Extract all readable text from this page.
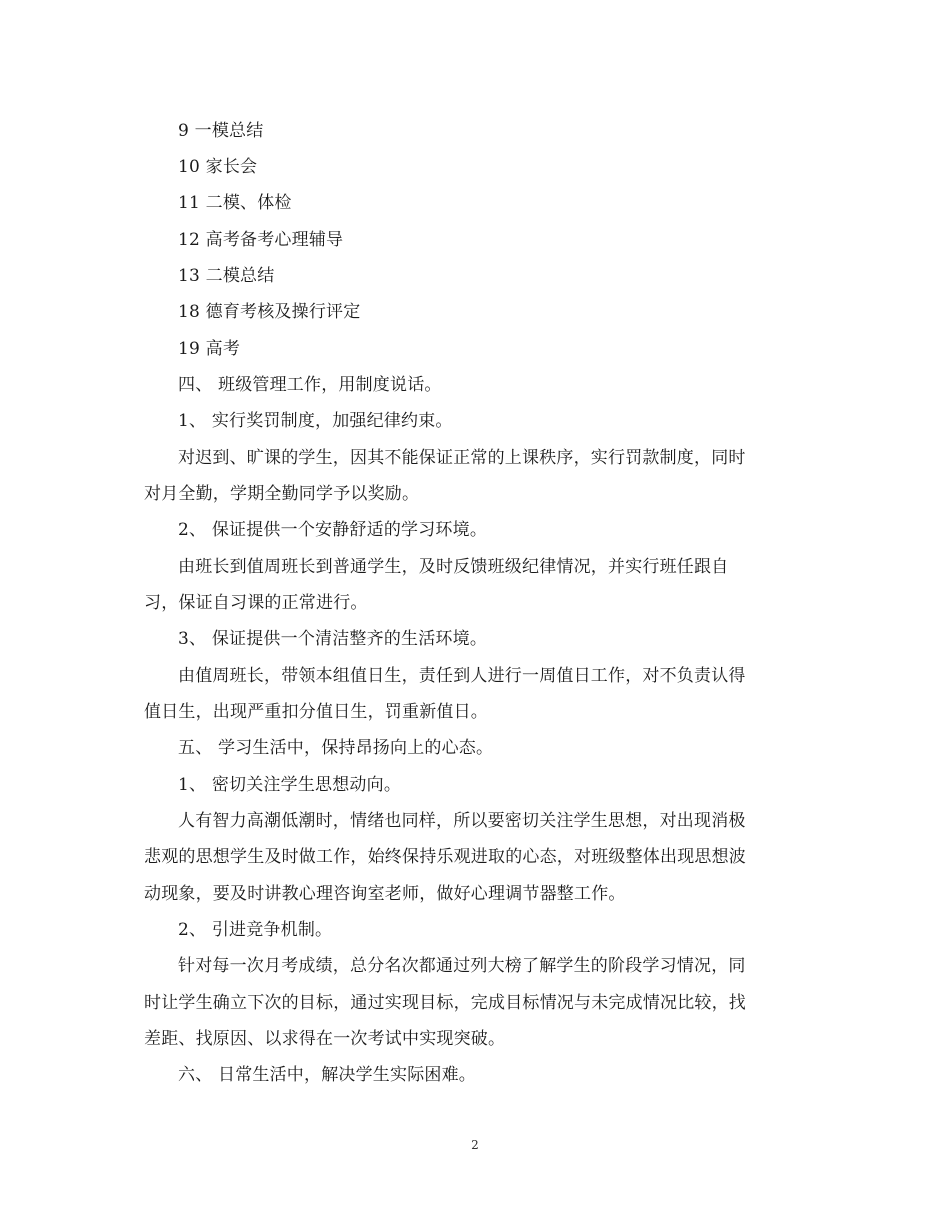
9 一模总结
10 家长会
11 二模、体检
12 高考备考心理辅导
13 二模总结
18 德育考核及操行评定
19 高考
四、 班级管理工作，用制度说话。
1、 实行奖罚制度，加强纪律约束。
对迟到、旷课的学生，因其不能保证正常的上课秩序，实行罚款制度，同时
对月全勤，学期全勤同学予以奖励。
2、 保证提供一个安静舒适的学习环境。
由班长到值周班长到普通学生，及时反馈班级纪律情况，并实行班任跟自
习，保证自习课的正常进行。
3、 保证提供一个清洁整齐的生活环境。
由值周班长，带领本组值日生，责任到人进行一周值日工作，对不负责认得
值日生，出现严重扣分值日生，罚重新值日。
五、 学习生活中，保持昂扬向上的心态。
1、 密切关注学生思想动向。
人有智力高潮低潮时，情绪也同样，所以要密切关注学生思想，对出现消极
悲观的思想学生及时做工作，始终保持乐观进取的心态，对班级整体出现思想波
动现象，要及时讲教心理咨询室老师，做好心理调节器整工作。
2、 引进竞争机制。
针对每一次月考成绩，总分名次都通过列大榜了解学生的阶段学习情况，同
时让学生确立下次的目标，通过实现目标，完成目标情况与未完成情况比较，找
差距、找原因、以求得在一次考试中实现突破。
六、 日常生活中，解决学生实际困难。
2
